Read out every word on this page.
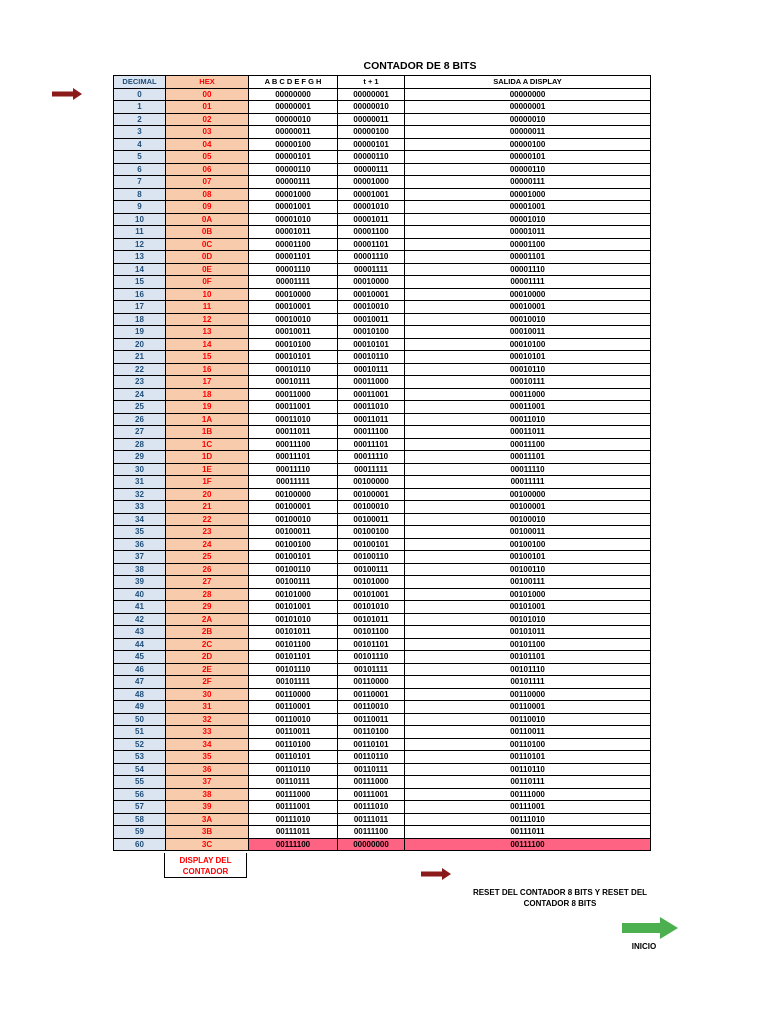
CONTADOR DE 8 BITS
DECIMAL	HEX	A B C D E F G H	t + 1	SALIDA A DISPLAY
0	00	00000000	00000001	00000000
1	01	00000001	00000010	00000001
2	02	00000010	00000011	00000010
3	03	00000011	00000100	00000011
4	04	00000100	00000101	00000100
5	05	00000101	00000110	00000101
6	06	00000110	00000111	00000110
7	07	00000111	00001000	00000111
8	08	00001000	00001001	00001000
9	09	00001001	00001010	00001001
10	0A	00001010	00001011	00001010
11	0B	00001011	00001100	00001011
12	0C	00001100	00001101	00001100
13	0D	00001101	00001110	00001101
14	0E	00001110	00001111	00001110
15	0F	00001111	00010000	00001111
16	10	00010000	00010001	00010000
17	11	00010001	00010010	00010001
18	12	00010010	00010011	00010010
19	13	00010011	00010100	00010011
20	14	00010100	00010101	00010100
21	15	00010101	00010110	00010101
22	16	00010110	00010111	00010110
23	17	00010111	00011000	00010111
24	18	00011000	00011001	00011000
25	19	00011001	00011010	00011001
26	1A	00011010	00011011	00011010
27	1B	00011011	00011100	00011011
28	1C	00011100	00011101	00011100
29	1D	00011101	00011110	00011101
30	1E	00011110	00011111	00011110
31	1F	00011111	00100000	00011111
32	20	00100000	00100001	00100000
33	21	00100001	00100010	00100001
34	22	00100010	00100011	00100010
35	23	00100011	00100100	00100011
36	24	00100100	00100101	00100100
37	25	00100101	00100110	00100101
38	26	00100110	00100111	00100110
39	27	00100111	00101000	00100111
40	28	00101000	00101001	00101000
41	29	00101001	00101010	00101001
42	2A	00101010	00101011	00101010
43	2B	00101011	00101100	00101011
44	2C	00101100	00101101	00101100
45	2D	00101101	00101110	00101101
46	2E	00101110	00101111	00101110
47	2F	00101111	00110000	00101111
48	30	00110000	00110001	00110000
49	31	00110001	00110010	00110001
50	32	00110010	00110011	00110010
51	33	00110011	00110100	00110011
52	34	00110100	00110101	00110100
53	35	00110101	00110110	00110101
54	36	00110110	00110111	00110110
55	37	00110111	00111000	00110111
56	38	00111000	00111001	00111000
57	39	00111001	00111010	00111001
58	3A	00111010	00111011	00111010
59	3B	00111011	00111100	00111011
60	3C	00111100	00000000	00111100
DISPLAY DEL CONTADOR
RESET DEL CONTADOR 8 BITS Y RESET DEL CONTADOR 8 BITS
INICIO
